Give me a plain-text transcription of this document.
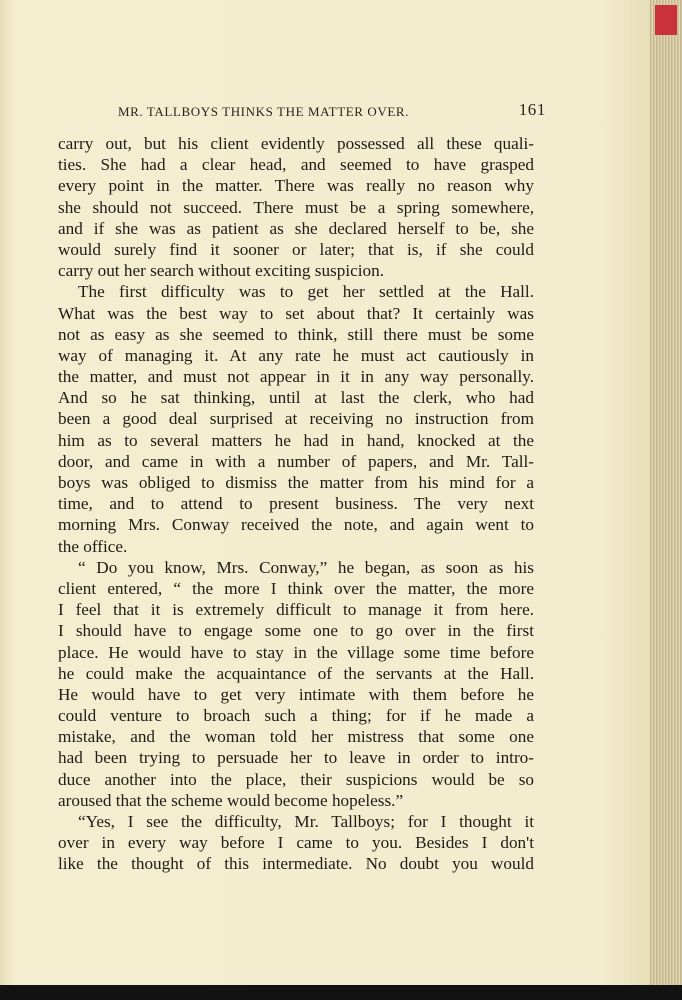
MR. TALLBOYS THINKS THE MATTER OVER.	161
carry out, but his client evidently possessed all these quali-
ties. She had a clear head, and seemed to have grasped
every point in the matter. There was really no reason why
she should not succeed. There must be a spring somewhere,
and if she was as patient as she declared herself to be, she
would surely find it sooner or later; that is, if she could
carry out her search without exciting suspicion.
The first difficulty was to get her settled at the Hall.
What was the best way to set about that? It certainly was
not as easy as she seemed to think, still there must be some
way of managing it. At any rate he must act cautiously in
the matter, and must not appear in it in any way personally.
And so he sat thinking, until at last the clerk, who had
been a good deal surprised at receiving no instruction from
him as to several matters he had in hand, knocked at the
door, and came in with a number of papers, and Mr. Tall-
boys was obliged to dismiss the matter from his mind for a
time, and to attend to present business. The very next
morning Mrs. Conway received the note, and again went to
the office.
“ Do you know, Mrs. Conway,” he began, as soon as his
client entered, “ the more I think over the matter, the more
I feel that it is extremely difficult to manage it from here.
I should have to engage some one to go over in the first
place. He would have to stay in the village some time before
he could make the acquaintance of the servants at the Hall.
He would have to get very intimate with them before he
could venture to broach such a thing; for if he made a
mistake, and the woman told her mistress that some one
had been trying to persuade her to leave in order to intro-
duce another into the place, their suspicions would be so
aroused that the scheme would become hopeless.”
“Yes, I see the difficulty, Mr. Tallboys; for I thought it
over in every way before I came to you. Besides I don't
like the thought of this intermediate. No doubt you would
